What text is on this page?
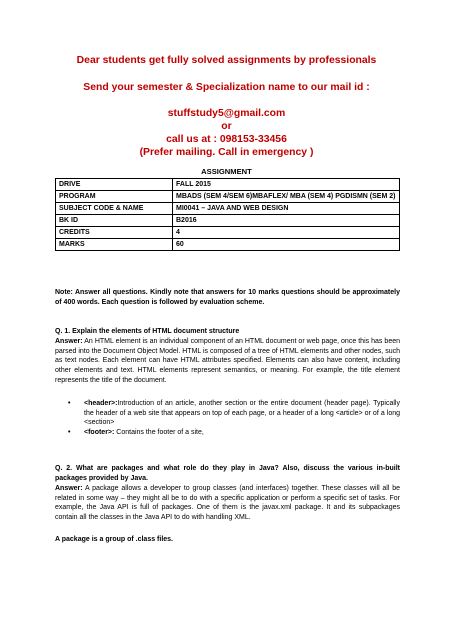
Dear students get fully solved assignments by professionals
Send your semester & Specialization name to our mail id :
stuffstudy5@gmail.com
or
call us at : 098153-33456
(Prefer mailing. Call in emergency )
ASSIGNMENT
DRIVE	FALL 2015
PROGRAM	MBADS (SEM 4/SEM 6)MBAFLEX/ MBA (SEM 4) PGDISMN (SEM 2)
SUBJECT CODE & NAME	MI0041 – JAVA AND WEB DESIGN
BK ID	B2016
CREDITS	4
MARKS	60
Note: Answer all questions. Kindly note that answers for 10 marks questions should be approximately of 400 words. Each question is followed by evaluation scheme.
Q. 1. Explain the elements of HTML document structure
Answer: An HTML element is an individual component of an HTML document or web page, once this has been parsed into the Document Object Model. HTML is composed of a tree of HTML elements and other nodes, such as text nodes. Each element can have HTML attributes specified. Elements can also have content, including other elements and text. HTML elements represent semantics, or meaning. For example, the title element represents the title of the document.
• <header>:Introduction of an article, another section or the entire document (header page). Typically the header of a web site that appears on top of each page, or a header of a long <article> or of a long <section>
• <footer>: Contains the footer of a site,
Q. 2. What are packages and what role do they play in Java? Also, discuss the various in-built packages provided by Java.
Answer: A package allows a developer to group classes (and interfaces) together. These classes will all be related in some way – they might all be to do with a specific application or perform a specific set of tasks. For example, the Java API is full of packages. One of them is the javax.xml package. It and its subpackages contain all the classes in the Java API to do with handling XML.
A package is a group of .class files.
